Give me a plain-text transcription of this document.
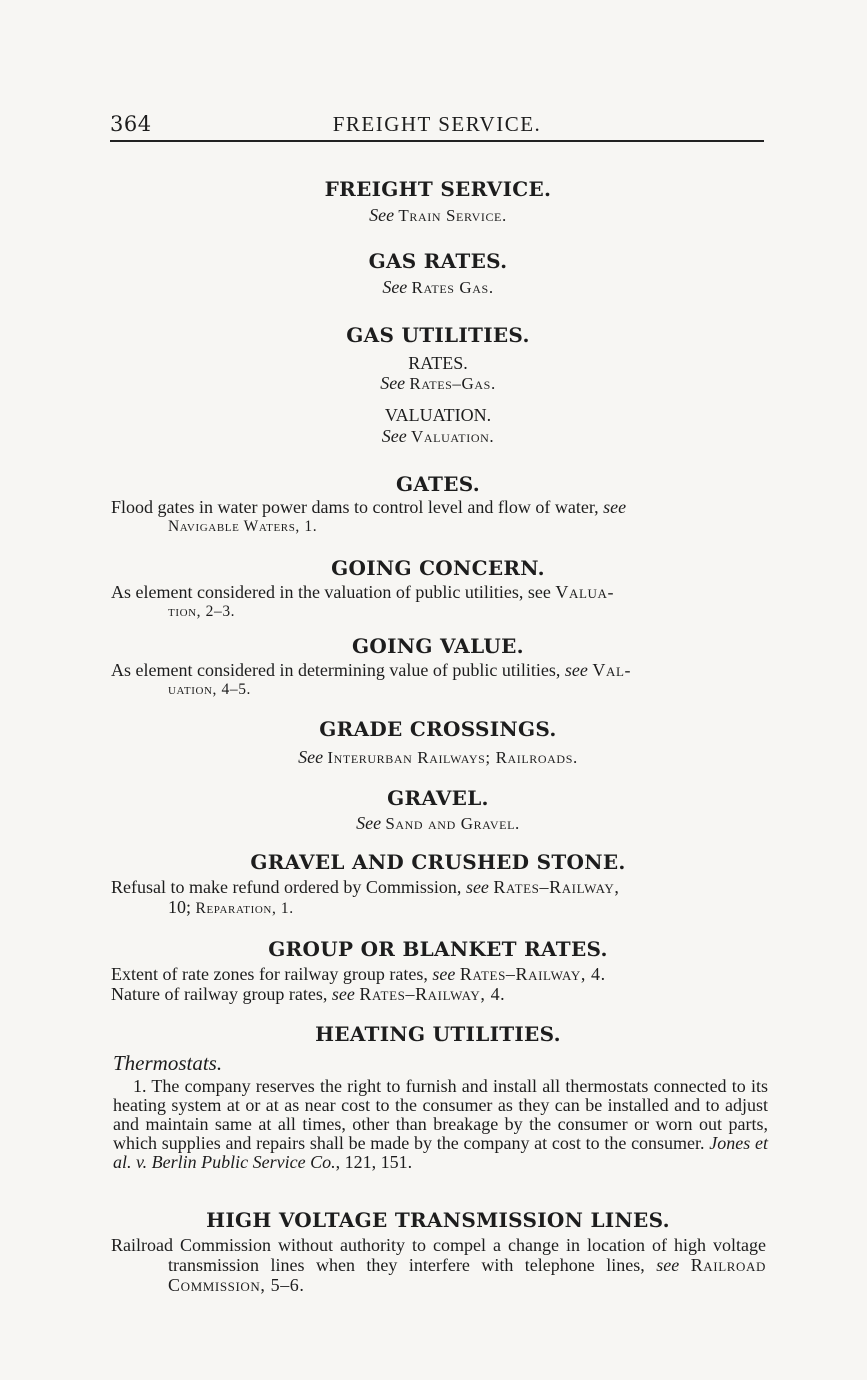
364	FREIGHT SERVICE.
FREIGHT SERVICE.
See Train Service.
GAS RATES.
See Rates Gas.
GAS UTILITIES.
RATES.
See Rates–Gas.
VALUATION.
See Valuation.
GATES.
Flood gates in water power dams to control level and flow of water, see
Navigable Waters, 1.
GOING CONCERN.
As element considered in the valuation of public utilities, see Valua-
tion, 2–3.
GOING VALUE.
As element considered in determining value of public utilities, see Val-
uation, 4–5.
GRADE CROSSINGS.
See Interurban Railways; Railroads.
GRAVEL.
See Sand and Gravel.
GRAVEL AND CRUSHED STONE.
Refusal to make refund ordered by Commission, see Rates–Railway,
10; Reparation, 1.
GROUP OR BLANKET RATES.
Extent of rate zones for railway group rates, see Rates–Railway, 4.
Nature of railway group rates, see Rates–Railway, 4.
HEATING UTILITIES.
Thermostats.
1. The company reserves the right to furnish and install all thermostats connected to its heating system at or at as near cost to the consumer as they can be installed and to adjust and maintain same at all times, other than breakage by the consumer or worn out parts, which supplies and repairs shall be made by the company at cost to the consumer. Jones et al. v. Berlin Public Service Co., 121, 151.
HIGH VOLTAGE TRANSMISSION LINES.
Railroad Commission without authority to compel a change in location of high voltage transmission lines when they interfere with telephone lines, see Railroad Commission, 5–6.
